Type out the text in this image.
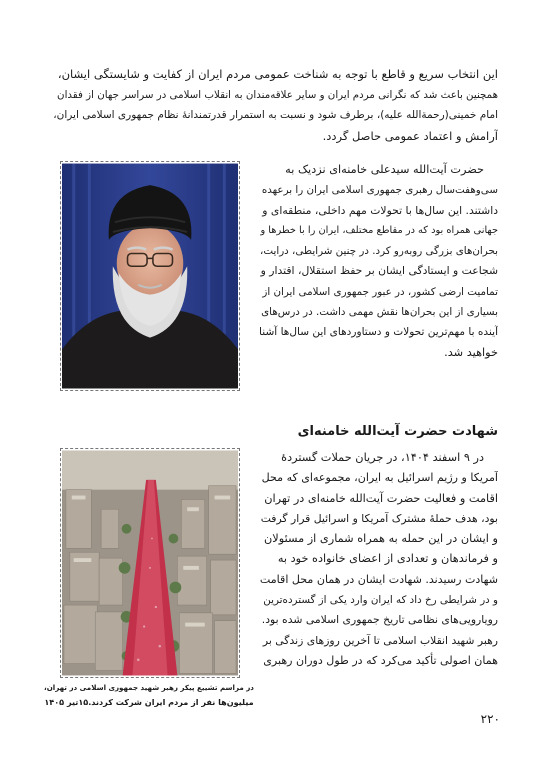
این انتخاب سریع و قاطع با توجه به شناخت عمومی مردم ایران از کفایت و شایستگی ایشان،
همچنین باعث شد که نگرانی مردم ایران و سایر علاقه‌مندان به انقلاب اسلامی در سراسر جهان از فقدان
امام خمینی(رحمةالله علیه)، برطرف شود و نسبت به استمرار قدرتمندانهٔ نظام جمهوری اسلامی ایران،
آرامش و اعتماد عمومی حاصل گردد.

حضرت آیت‌الله سیدعلی خامنه‌ای نزدیک به
سی‌وهفت‌سال رهبری جمهوری اسلامی ایران را برعهده
داشتند. این سال‌ها با تحولات مهم داخلی، منطقه‌ای و
جهانی همراه بود که در مقاطع مختلف، ایران را با خطرها و
بحران‌های بزرگی روبه‌رو کرد. در چنین شرایطی، درایت،
شجاعت و ایستادگی ایشان بر حفظ استقلال، اقتدار و
تمامیت ارضی کشور، در عبور جمهوری اسلامی ایران از
بسیاری از این بحران‌ها نقش مهمی داشت. در درس‌های
آینده با مهم‌ترین تحولات و دستاوردهای این سال‌ها آشنا
خواهید شد.

شهادت حضرت آیت‌الله خامنه‌ای

در ۹ اسفند ۱۴۰۴، در جریان حملات گستردهٔ
آمریکا و رژیم اسرائیل به ایران، مجموعه‌ای که محل
اقامت و فعالیت حضرت آیت‌الله خامنه‌ای در تهران
بود، هدف حملهٔ مشترک آمریکا و اسرائیل قرار گرفت
و ایشان در این حمله به همراه شماری از مسئولان
و فرماندهان و تعدادی از اعضای خانواده خود به
شهادت رسیدند. شهادت ایشان در همان محل اقامت
و در شرایطی رخ داد که ایران وارد یکی از گسترده‌ترین
رویارویی‌های نظامی تاریخ جمهوری اسلامی شده بود.
رهبر شهید انقلاب اسلامی تا آخرین روزهای زندگی بر
همان اصولی تأکید می‌کرد که در طول دوران رهبری

در مراسم تشییع پیکر رهبر شهید جمهوری اسلامی در تهران،
میلیون‌ها نفر از مردم ایران شرکت کردند.۱۵تیر ۱۴۰۵

۲۲۰
